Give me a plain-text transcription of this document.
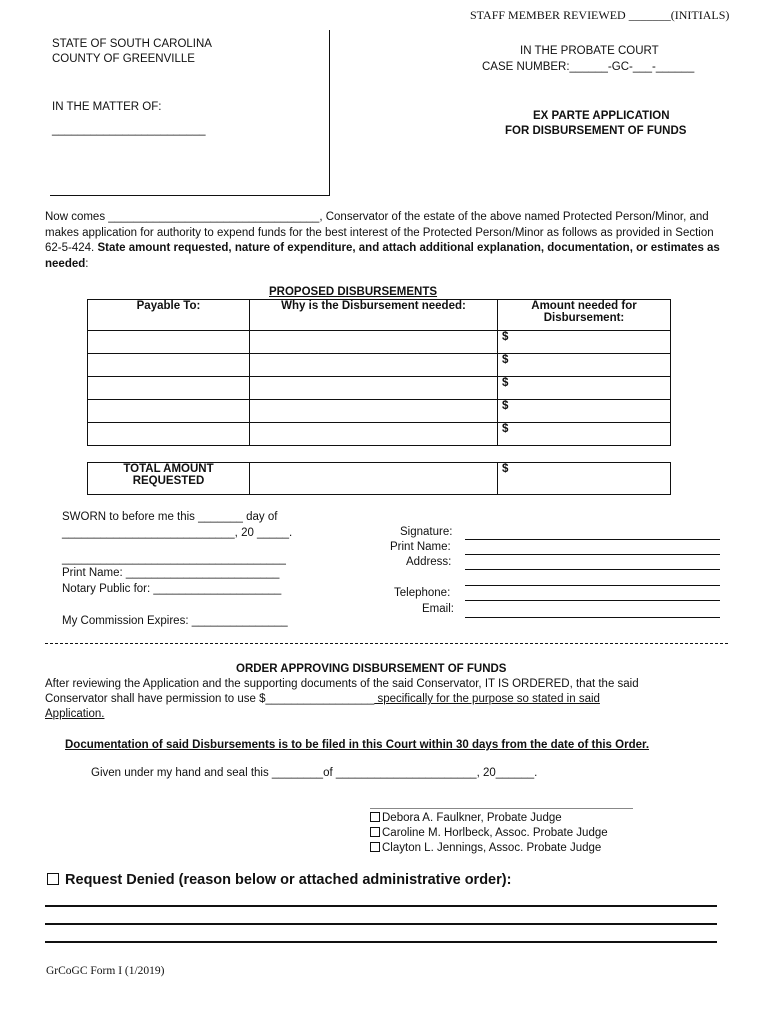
STAFF MEMBER REVIEWED _______(INITIALS)
STATE OF SOUTH CAROLINA
COUNTY OF GREENVILLE
IN THE PROBATE COURT
CASE NUMBER:______-GC-___-______
IN THE MATTER OF:
________________________
EX PARTE APPLICATION
FOR DISBURSEMENT OF FUNDS
Now comes _________________________________, Conservator of the estate of the above named Protected Person/Minor, and makes application for authority to expend funds for the best interest of the Protected Person/Minor as follows as provided in Section 62-5-424. State amount requested, nature of expenditure, and attach additional explanation, documentation, or estimates as needed:
PROPOSED DISBURSEMENTS
Payable To:	Why is the Disbursement needed:	Amount needed for Disbursement:
		$
		$
		$
		$
		$
TOTAL AMOUNT REQUESTED		$
SWORN to before me this _______ day of
___________________________, 20 _____.
___________________________________
Print Name: ________________________
Notary Public for: ____________________
My Commission Expires: _______________
Signature:
Print Name:
Address:
Telephone:
Email:
ORDER APPROVING DISBURSEMENT OF FUNDS
After reviewing the Application and the supporting documents of the said Conservator, IT IS ORDERED, that the said
Conservator shall have permission to use $_________________ specifically for the purpose so stated in said
Application.
Documentation of said Disbursements is to be filed in this Court within 30 days from the date of this Order.
Given under my hand and seal this ________of ______________________, 20______.
Debora A. Faulkner, Probate Judge
Caroline M. Horlbeck, Assoc. Probate Judge
Clayton L. Jennings, Assoc. Probate Judge
Request Denied (reason below or attached administrative order):
GrCoGC Form I (1/2019)
